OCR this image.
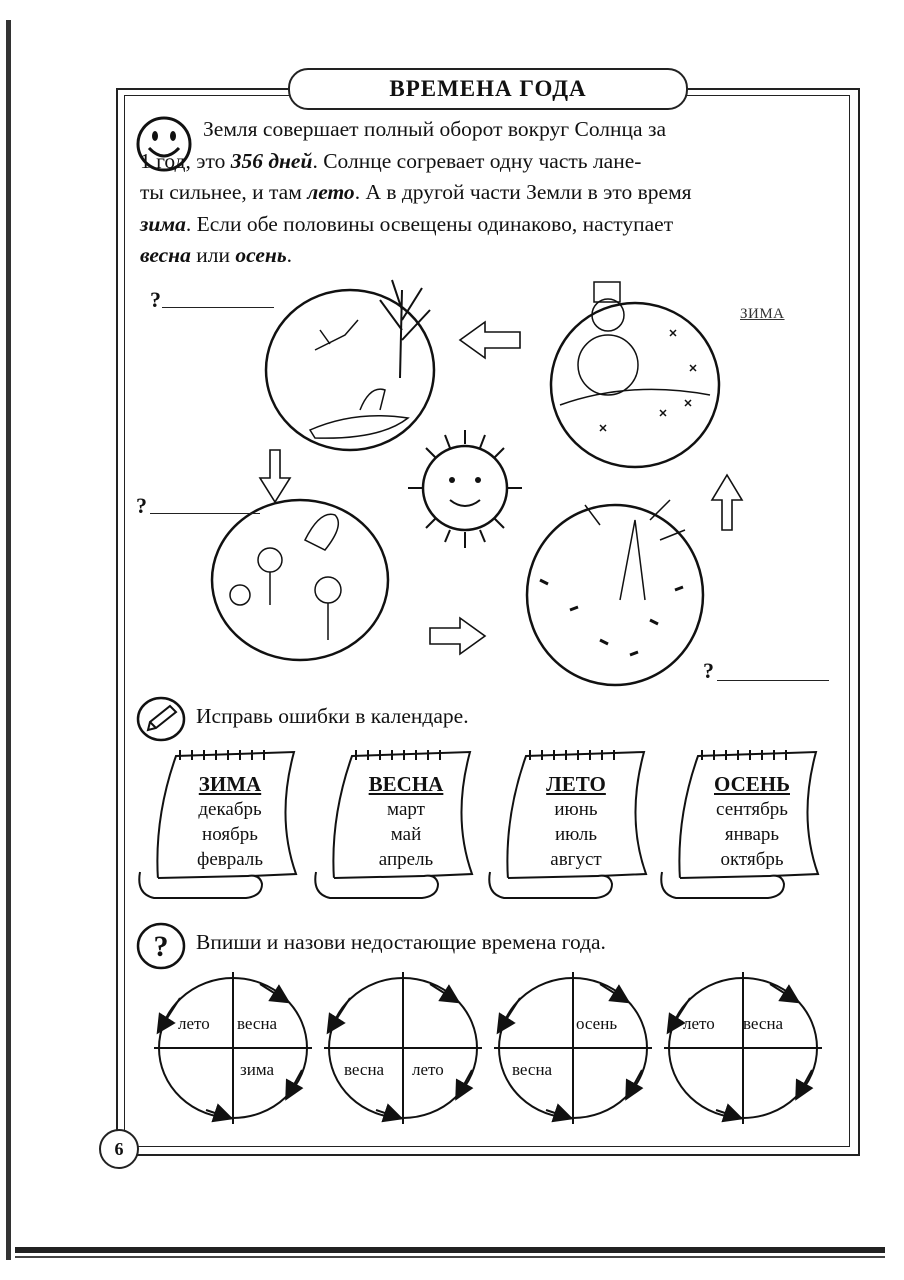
ВРЕМЕНА ГОДА
Земля совершает полный оборот вокруг Солнца за
1 год, это 356 дней. Солнце согревает одну часть ланe-
ты сильнее, и там лето. А в другой части Земли в это время
зима. Если обе половины освещены одинаково, наступает
весна или осень.
?
?
?
ЗИМА
Исправь ошибки в календаре.
ЗИМА
декабрь
ноябрь
февраль
ВЕСНА
март
май
апрель
ЛЕТО
июнь
июль
август
ОСЕНЬ
сентябрь
январь
октябрь
? Впиши и назови недостающие времена года.
лето весна
зима	весна лето
осень
весна
лето весна
6
